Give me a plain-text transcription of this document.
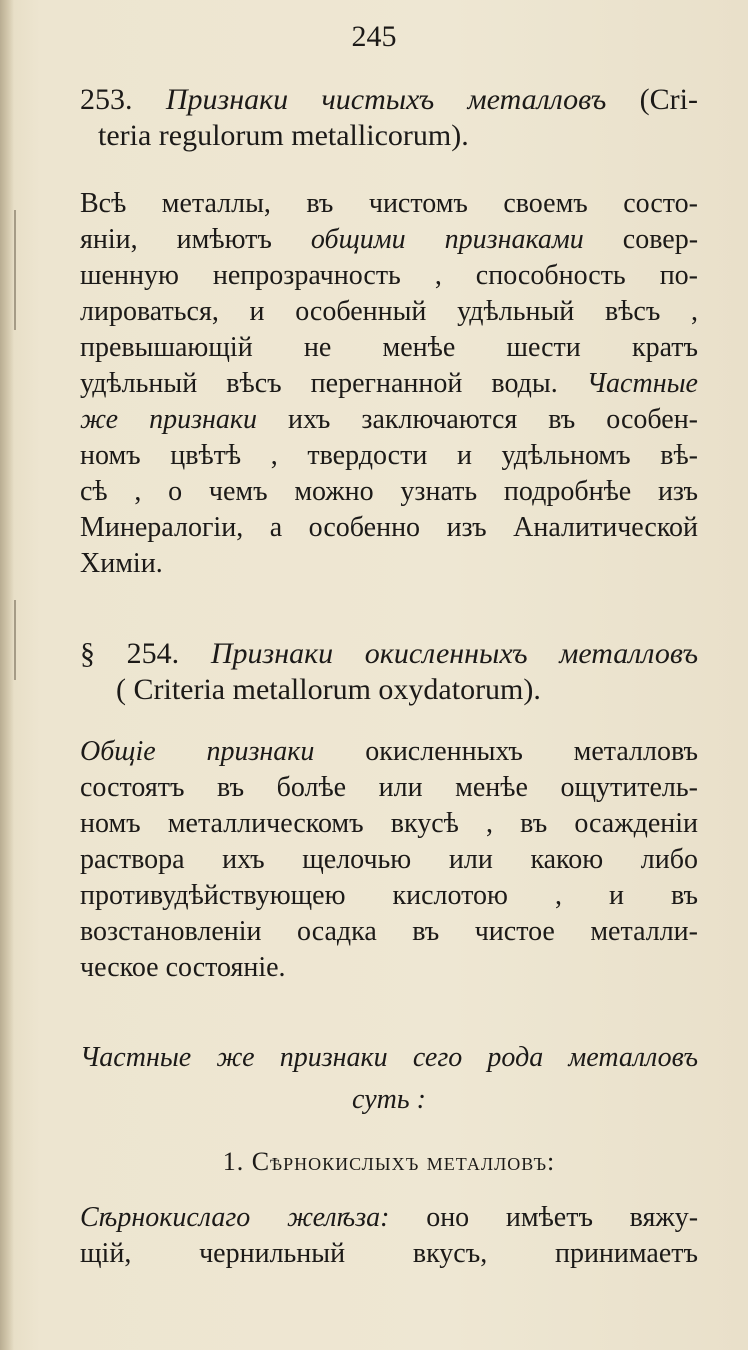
245
253. Признаки чистыхъ металловъ (Cri-
teria regulorum metallicorum).
Всѣ металлы, въ чистомъ своемъ состо-
яніи, имѣютъ общими признаками совер-
шенную непрозрачность , способность по-
лироваться, и особенный удѣльный вѣсъ ,
превышающій не менѣе шести кратъ
удѣльный вѣсъ перегнанной воды. Частные
же признаки ихъ заключаются въ особен-
номъ цвѣтѣ , твердости и удѣльномъ вѣ-
сѣ , о чемъ можно узнать подробнѣе изъ
Минералогіи, а особенно изъ Аналитической
Химіи.
§ 254. Признаки окисленныхъ металловъ
( Criteria metallorum oxydatorum).
Общіе признаки окисленныхъ металловъ
состоятъ въ болѣе или менѣе ощутитель-
номъ металлическомъ вкусѣ , въ осажденіи
раствора ихъ щелочью или какою либо
противудѣйствующею кислотою , и въ
возстановленіи осадка въ чистое металли-
ческое состояніе.
Частные же признаки сего рода металловъ
суть :
1. Сѣрнокислыхъ металловъ:
Сѣрнокислаго желѣза: оно имѣетъ вяжу-
щій, чернильный вкусъ, принимаетъ
